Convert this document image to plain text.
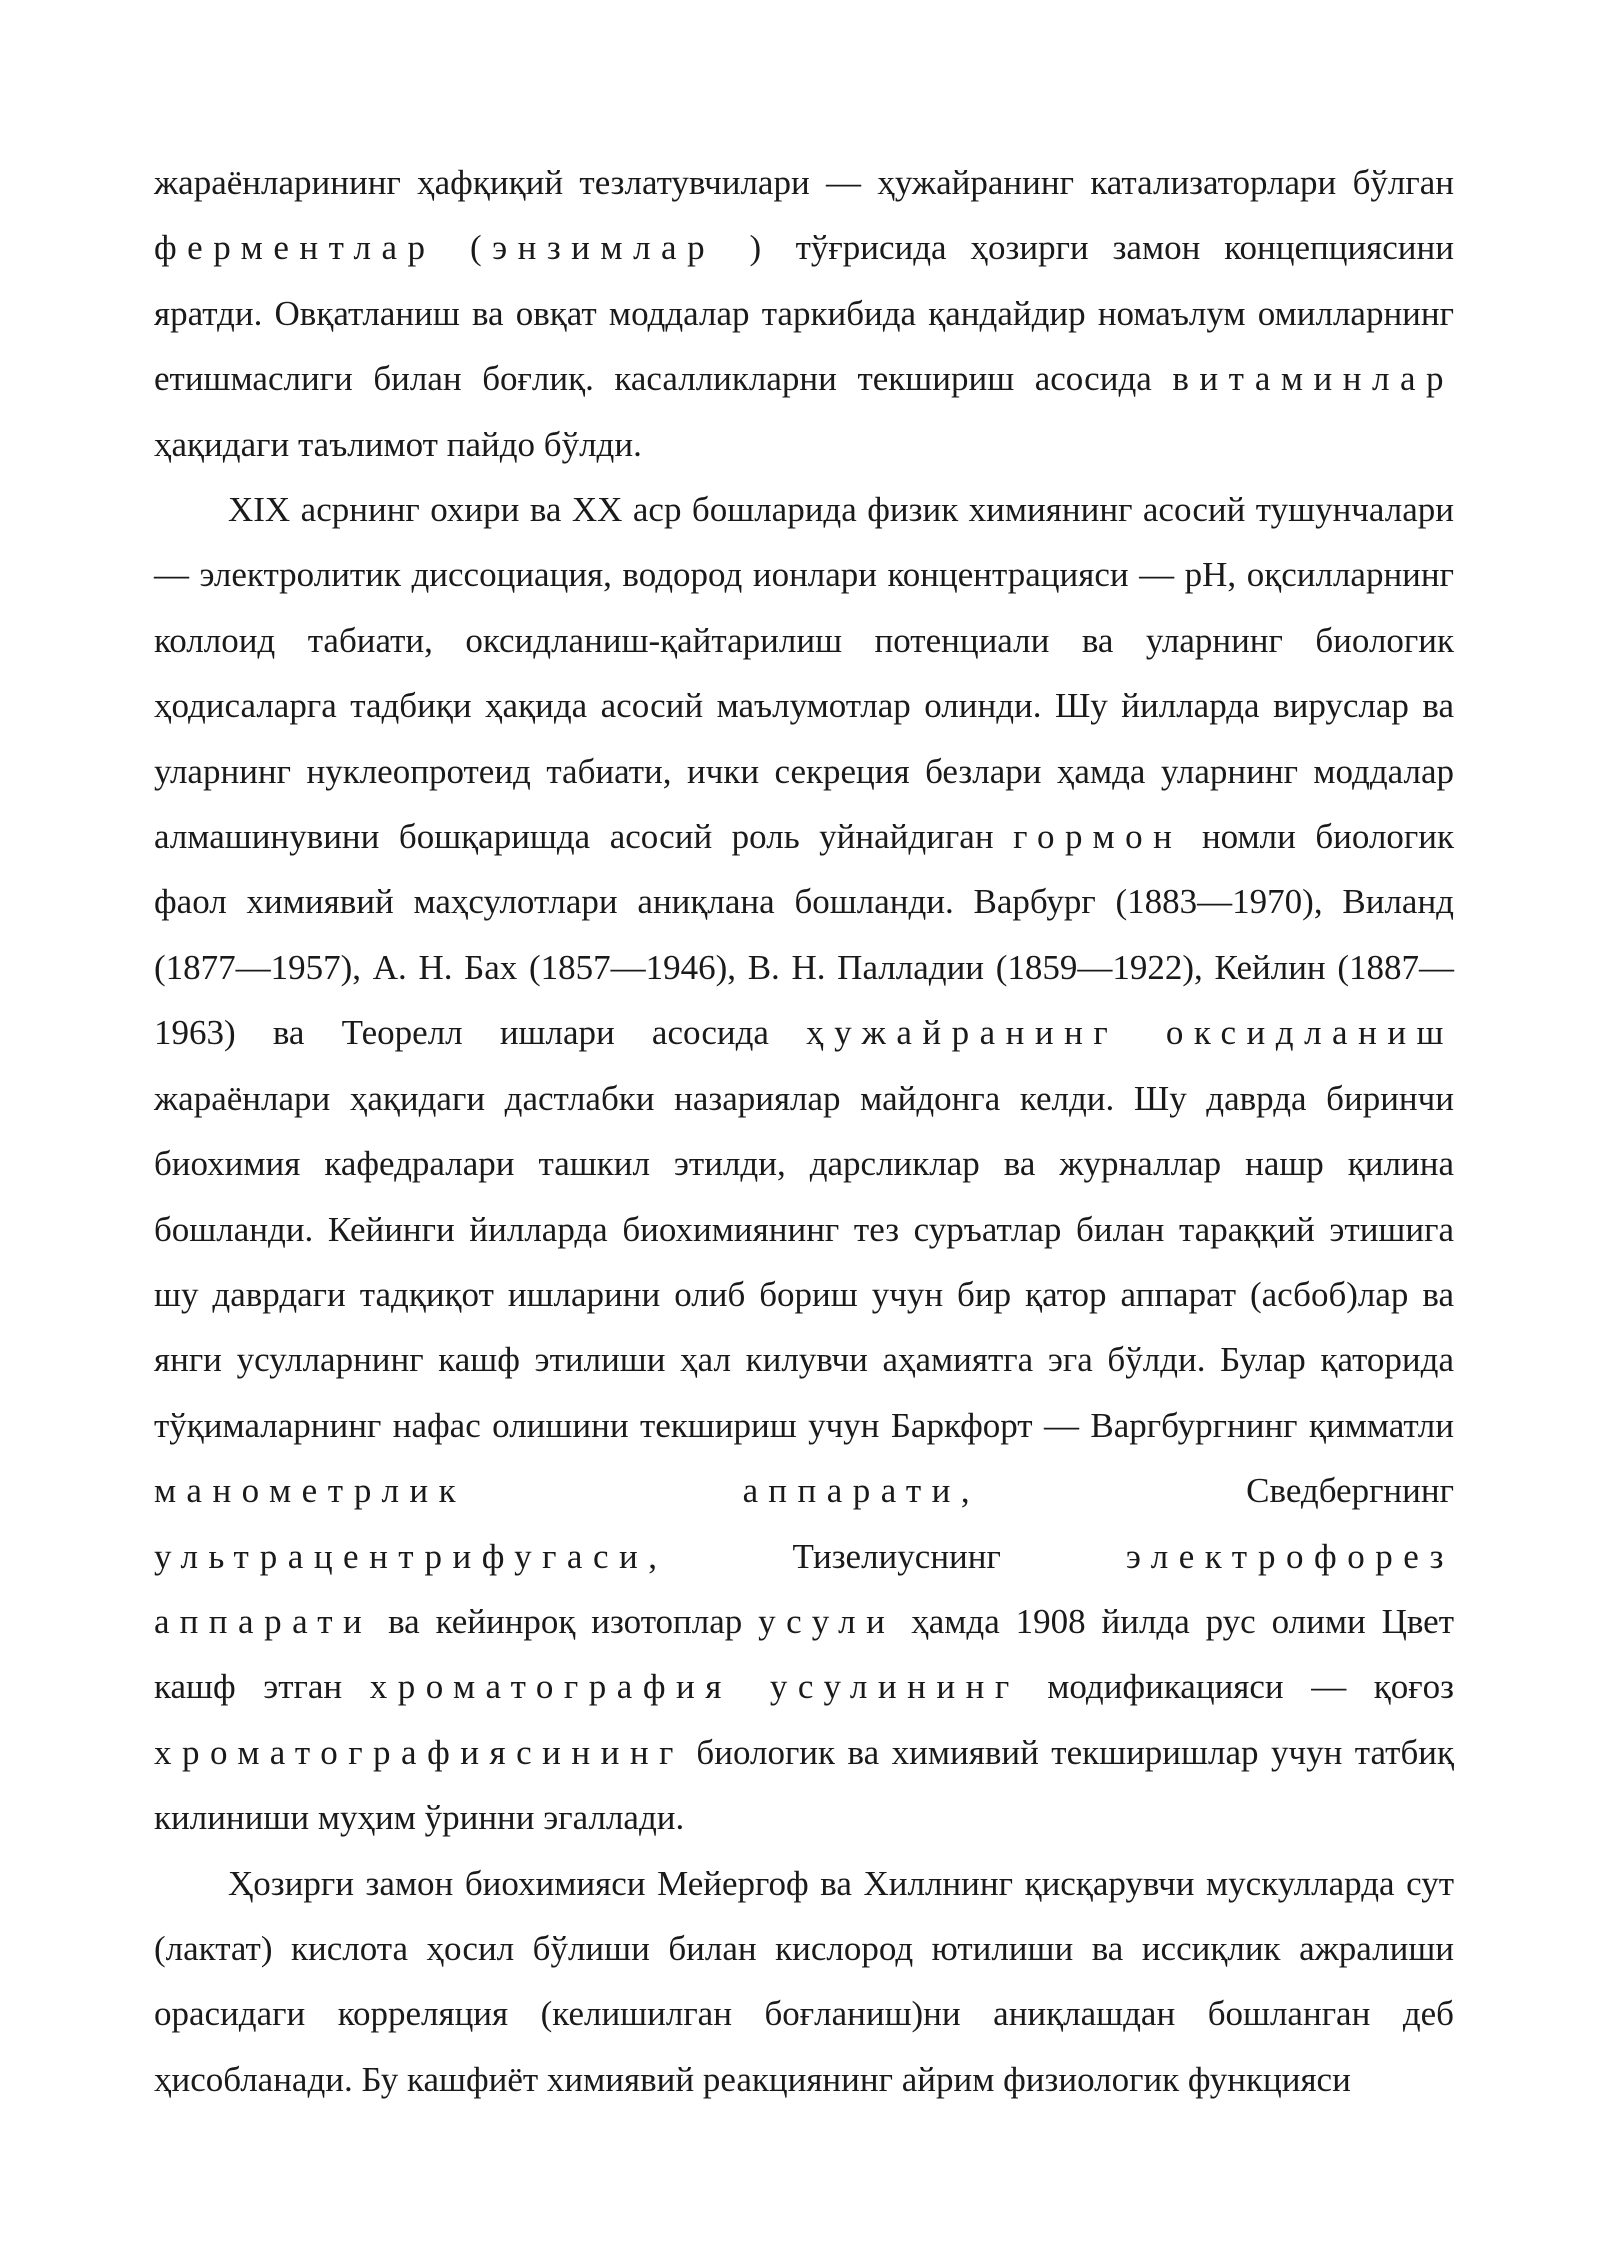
жараёнларининг ҳафқиқий тезлатувчилари — ҳужайранинг катализаторлари бўлган ферментлар (энзимлар ) тўғрисида ҳозирги замон концепциясини яратди. Овқатланиш ва овқат моддалар таркибида қандайдир номаълум омилларнинг етишмаслиги билан боғлиқ. касалликларни текшириш асосида витаминлар ҳақидаги таълимот пайдо бўлди.

XIX асрнинг охири ва XX аср бошларида физик химиянинг асосий тушунчалари — электролитик диссоциация, водород ионлари концентрацияси — рН, оқсилларнинг коллоид табиати, оксидланиш-қайтарилиш потенциали ва уларнинг биологик ҳодисаларга тадбиқи ҳақида асосий маълумотлар олинди. Шу йилларда вируслар ва уларнинг нуклеопротеид табиати, ички секреция безлари ҳамда уларнинг моддалар алмашинувини бошқаришда асосий роль уйнайдиган гормон номли биологик фаол химиявий маҳсулотлари аниқлана бошланди. Варбург (1883—1970), Виланд (1877—1957), А. Н. Бах (1857—1946), В. Н. Палладии (1859—1922), Кейлин (1887—1963) ва Теорелл ишлари асосида ҳужайранинг оксидланиш жараёнлари ҳақидаги дастлабки назариялар майдонга келди. Шу даврда биринчи биохимия кафедралари ташкил этилди, дарсликлар ва журналлар нашр қилина бошланди. Кейинги йилларда биохимиянинг тез суръатлар билан тараққий этишига шу даврдаги тадқиқот ишларини олиб бориш учун бир қатор аппарат (асбоб)лар ва янги усулларнинг кашф этилиши ҳал килувчи аҳамиятга эга бўлди. Булар қаторида тўқималарнинг нафас олишини текшириш учун Баркфорт — Варгбургнинг қимматли манометрлик аппарати, Сведбергнинг ультрацентрифугаси, Тизелиуснинг электрофорез аппарати ва кейинроқ изотоплар усули ҳамда 1908 йилда рус олими Цвет кашф этган хроматография усулининг модификацияси — қоғоз хроматографиясининг биологик ва химиявий текширишлар учун татбиқ килиниши муҳим ўринни эгаллади.

Ҳозирги замон биохимияси Мейергоф ва Хиллнинг қисқарувчи мускулларда сут (лактат) кислота ҳосил бўлиши билан кислород ютилиши ва иссиқлик ажралиши орасидаги корреляция (келишилган боғланиш)ни аниқлашдан бошланган деб ҳисобланади. Бу кашфиёт химиявий реакциянинг айрим физиологик функцияси
